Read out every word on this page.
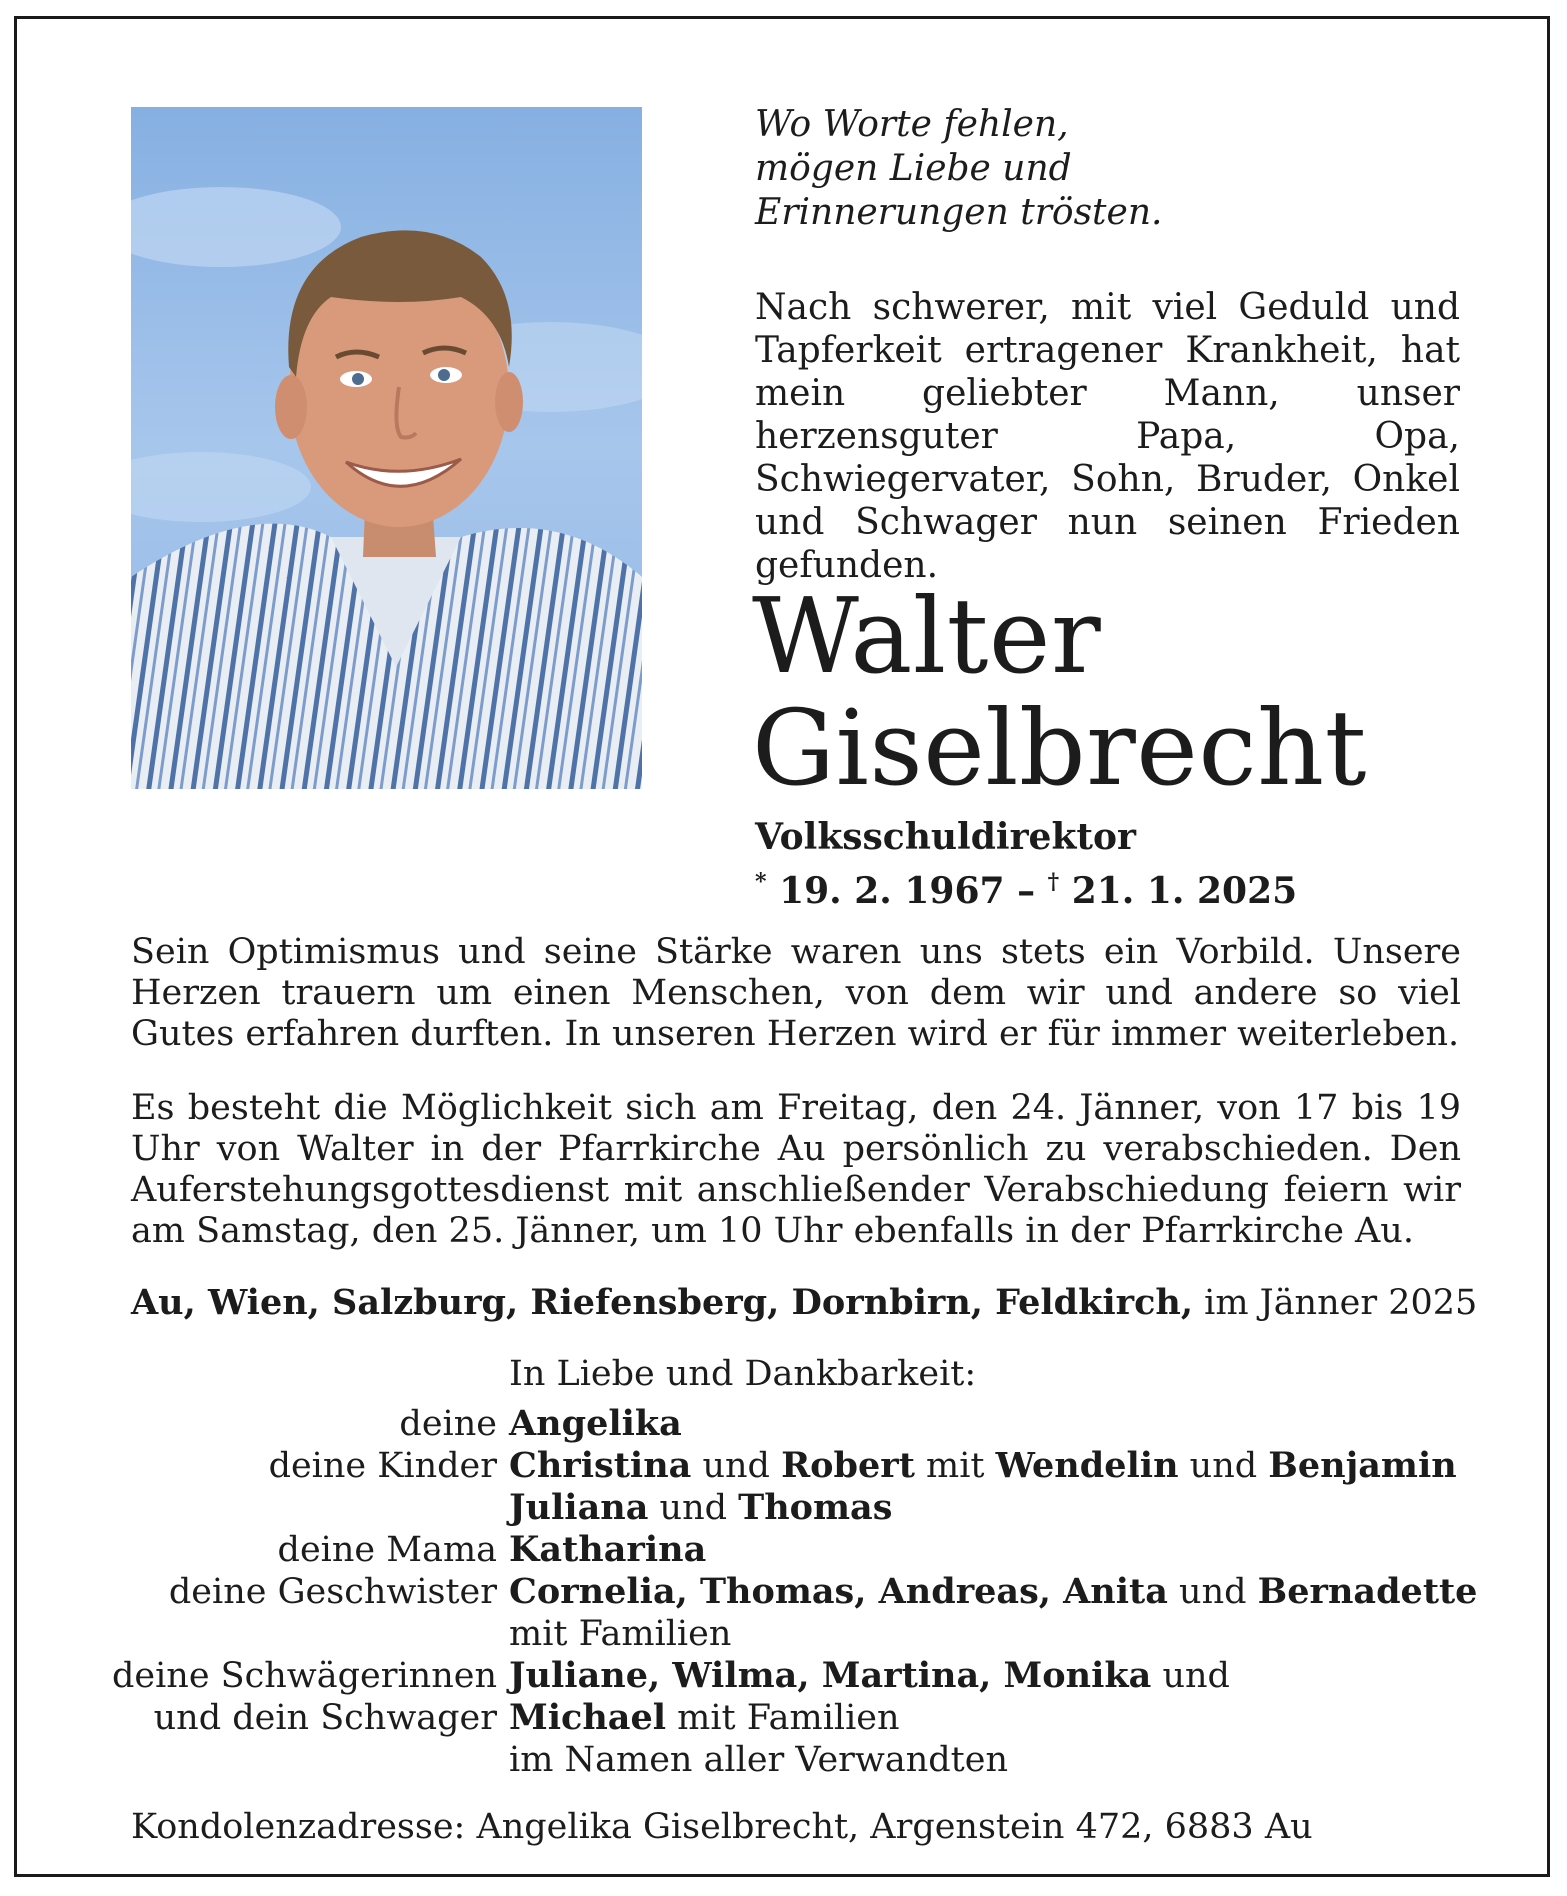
Wo Worte fehlen,
mögen Liebe und
Erinnerungen trösten.
Nach schwerer, mit viel Geduld und Tapferkeit ertragener Krankheit, hat mein geliebter Mann, unser herzensguter Papa, Opa, Schwiegervater, Sohn, Bruder, Onkel und Schwager nun seinen Frieden gefunden.
Walter
Giselbrecht
Volksschuldirektor
* 19. 2. 1967 – † 21. 1. 2025
Sein Optimismus und seine Stärke waren uns stets ein Vorbild. Unsere Herzen trauern um einen Menschen, von dem wir und andere so viel Gutes erfahren durften. In unseren Herzen wird er für immer weiterleben.
Es besteht die Möglichkeit sich am Freitag, den 24. Jänner, von 17 bis 19 Uhr von Walter in der Pfarrkirche Au persönlich zu verabschieden. Den Auferstehungsgottesdienst mit anschließender Verabschiedung feiern wir am Samstag, den 25. Jänner, um 10 Uhr ebenfalls in der Pfarrkirche Au.
Au, Wien, Salzburg, Riefensberg, Dornbirn, Feldkirch, im Jänner 2025
In Liebe und Dankbarkeit:
deine Angelika
deine Kinder Christina und Robert mit Wendelin und Benjamin
Juliana und Thomas
deine Mama Katharina
deine Geschwister Cornelia, Thomas, Andreas, Anita und Bernadette
mit Familien
deine Schwägerinnen Juliane, Wilma, Martina, Monika und
und dein Schwager Michael mit Familien
im Namen aller Verwandten
Kondolenzadresse: Angelika Giselbrecht, Argenstein 472, 6883 Au
